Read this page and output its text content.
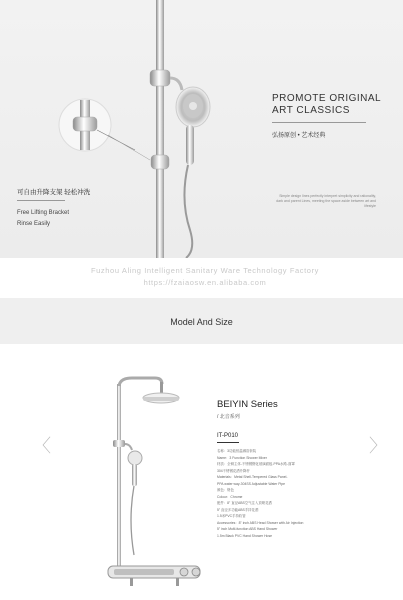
PROMOTE ORIGINAL
ART CLASSICS
弘扬原创 • 艺术经典
Simple design lines perfectly interpret simplicity and rationality, dark and parent Lines, meeting the space aside between art and lifestyle
可自由升降支架 轻松冲洗
Free Lifting Bracket
Rinse Easily
Fuzhou Aling Intelligent Sanitary Ware Technology Factory
https://fzaiaosw.en.alibaba.com
Model And Size
BEIYIN Series
/ 北音系列
IT-P010
名称：3功能恒温淋浴套装
Name：3 Function Shower Mixer
材质：全铜主体-不锈钢钢化玻璃面板-PPA水路-面罩
304不锈钢花洒升降杆
Materials：Metal Shell-Tempered Glass Panel-
PPA water way-304SS Adjustable Water Pipe
颜色：铬色
Colour：Chrome
配件：8" 直径ABS空气注入顶喷花洒
5" 直径多功能ABS手持花洒
1.5米PVC手持软管
Accessories：8" inch ABS Head Shower with Air Injection
5" inch Multi-function ABS Hand Shower
1.5m Black PVC Hand Shower Hose
〈	〉
